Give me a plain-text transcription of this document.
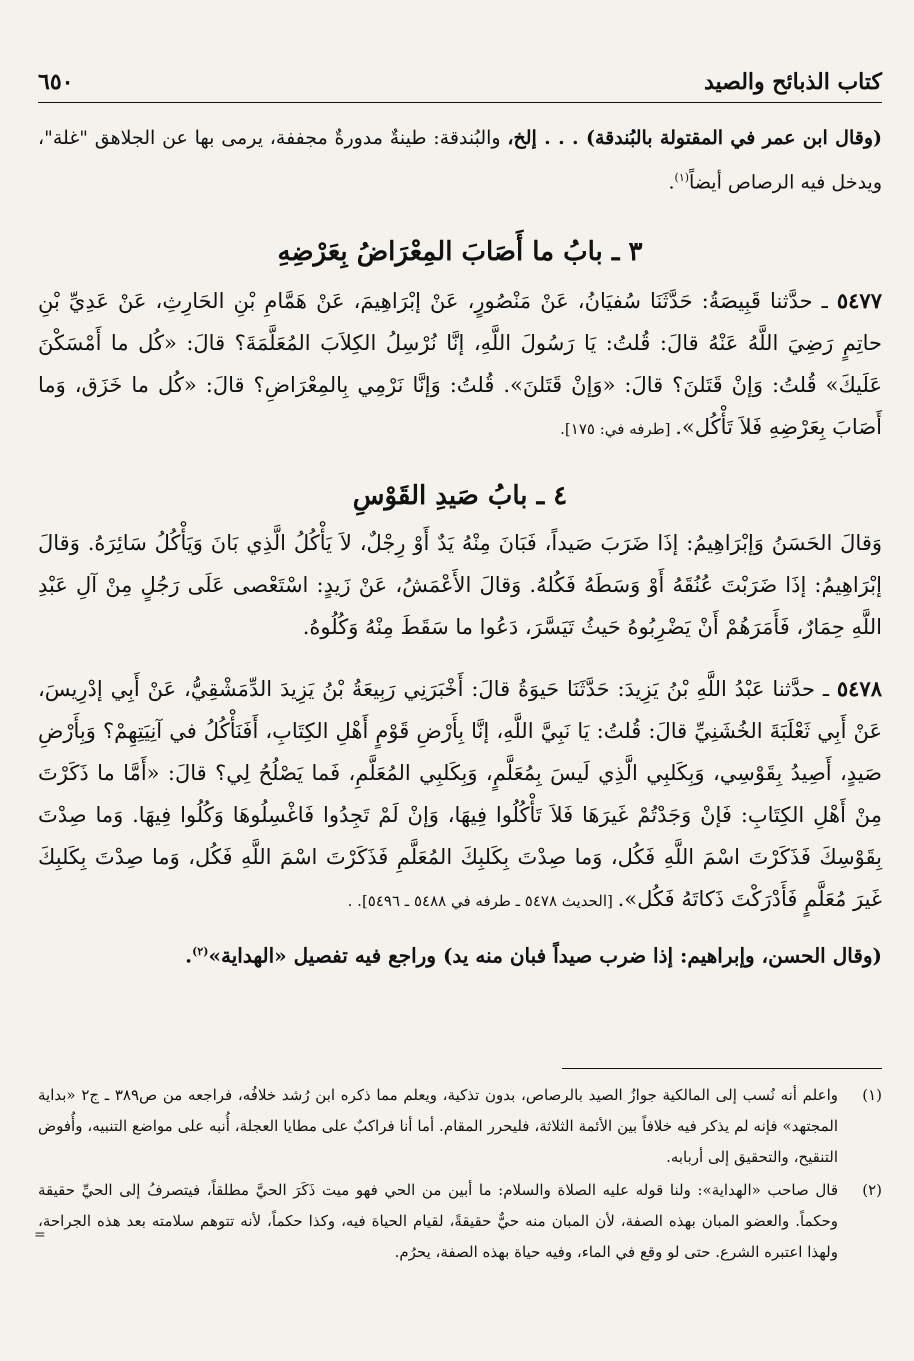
كتاب الذبائح والصيد
٦٥٠

(وقال ابن عمر في المقتولة بالبُندقة) . . . إلخ، والبُندقة: طينةٌ مدورةٌ مجففة، يرمى بها عن الجلاهق "غلة"، ويدخل فيه الرصاص أيضاً$^{(١)}$.

٣ ـ بابُ ما أَصَابَ المِعْرَاضُ بِعَرْضِهِ

٥٤٧٧ ـ حدَّثنا قَبِيصَةُ: حَدَّثَنَا سُفيَانُ، عَنْ مَنْصُورٍ، عَنْ إبْرَاهِيمَ، عَنْ هَمَّامِ بْنِ الحَارِثِ، عَنْ عَدِيِّ بْنِ حاتِمٍ رَضِيَ اللَّهُ عَنْهُ قالَ: قُلتُ: يَا رَسُولَ اللَّهِ، إنَّا نُرْسِلُ الكِلاَبَ المُعَلَّمَةَ؟ قالَ: «كُل ما أَمْسَكْنَ عَلَيكَ» قُلتُ: وَإنْ قَتَلنَ؟ قالَ: «وَإنْ قَتَلنَ». قُلتُ: وَإنَّا نَرْمِي بِالمِعْرَاضِ؟ قالَ: «كُل ما خَزَق، وَما أَصَابَ بِعَرْضِهِ فَلاَ تَأْكُل». [طرفه في: ١٧٥].

٤ ـ بابُ صَيدِ القَوْسِ

وَقالَ الحَسَنُ وَإبْرَاهِيمُ: إذَا ضَرَبَ صَيداً، فَبَانَ مِنْهُ يَدٌ أَوْ رِجْلٌ، لاَ يَأْكُلُ الَّذِي بَانَ وَيَأْكُلُ سَائِرَهُ. وَقالَ إبْرَاهِيمُ: إذَا ضَرَبْتَ عُنُقَهُ أَوْ وَسَطَهُ فَكُلهُ. وَقالَ الأَعْمَشُ، عَنْ زَيدٍ: اسْتَعْصى عَلَى رَجُلٍ مِنْ آلِ عَبْدِ اللَّهِ حِمَارٌ، فَأَمَرَهُمْ أَنْ يَضْرِبُوهُ حَيثُ تَيَسَّرَ، دَعُوا ما سَقَطَ مِنْهُ وَكُلُوهُ.

٥٤٧٨ ـ حدَّثنا عَبْدُ اللَّهِ بْنُ يَزِيدَ: حَدَّثَنَا حَيوَةُ قالَ: أَخْبَرَنِي رَبِيعَةُ بْنُ يَزِيدَ الدِّمَشْقِيُّ، عَنْ أَبِي إدْرِيسَ، عَنْ أَبِي ثَعْلَبَةَ الخُشَنِيِّ قالَ: قُلتُ: يَا نَبِيَّ اللَّهِ، إنَّا بِأَرْضِ قَوْمٍ أَهْلِ الكِتَابِ، أَفَنَأْكُلُ في آنِيَتِهِمْ؟ وَبِأَرْضِ صَيدٍ، أَصِيدُ بِقَوْسِي، وَبِكَلبِي الَّذِي لَيسَ بِمُعَلَّمٍ، وَبِكَلبِي المُعَلَّمِ، فَما يَصْلُحُ لِي؟ قالَ: «أَمَّا ما ذَكَرْتَ مِنْ أَهْلِ الكِتَابِ: فَإنْ وَجَدْتُمْ غَيرَهَا فَلاَ تَأْكُلُوا فِيهَا، وَإنْ لَمْ تَجِدُوا فَاغْسِلُوهَا وَكُلُوا فِيهَا. وَما صِدْتَ بِقَوْسِكَ فَذَكَرْتَ اسْمَ اللَّهِ فَكُل، وَما صِدْتَ بِكَلبِكَ المُعَلَّمِ فَذَكَرْتَ اسْمَ اللَّهِ فَكُل، وَما صِدْتَ بِكَلبِكَ غَيرَ مُعَلَّمٍ فَأَدْرَكْتَ ذَكاتَهُ فَكُل». [الحديث ٥٤٧٨ ـ طرفه في ٥٤٨٨ ـ ٥٤٩٦]. .

(وقال الحسن، وإبراهيم: إذا ضرب صيداً فبان منه يد) وراجع فيه تفصيل «الهداية»$^{(٢)}$.

(١)
واعلم أنه نُسب إلى المالكية جوازُ الصيد بالرصاص، بدون تذكية، ويعلم مما ذكره ابن رُشد خلافُه، فراجعه من ص٣٨٩ ـ ج٢ «بداية المجتهد» فإنه لم يذكر فيه خلافاً بين الأئمة الثلاثة، فليحرر المقام. أما أنا فراكبٌ على مطايا العجلة، أُنبه على مواضع التنبيه، وأُفوض التنقيح، والتحقيق إلى أربابه.
(٢)
قال صاحب «الهداية»: ولنا قوله عليه الصلاة والسلام: ما أبين من الحي فهو ميت ذَكَرَ الحيَّ مطلقاً، فيتصرفُ إلى الحيِّ حقيقة وحكماً. والعضو المبان بهذه الصفة، لأن المبان منه حيٌّ حقيقةً، لقيام الحياة فيه، وكذا حكماً، لأنه تتوهم سلامته بعد هذه الجراحة، ولهذا اعتبره الشرع. حتى لو وقع في الماء، وفيه حياة بهذه الصفة، يحرُم.
=
